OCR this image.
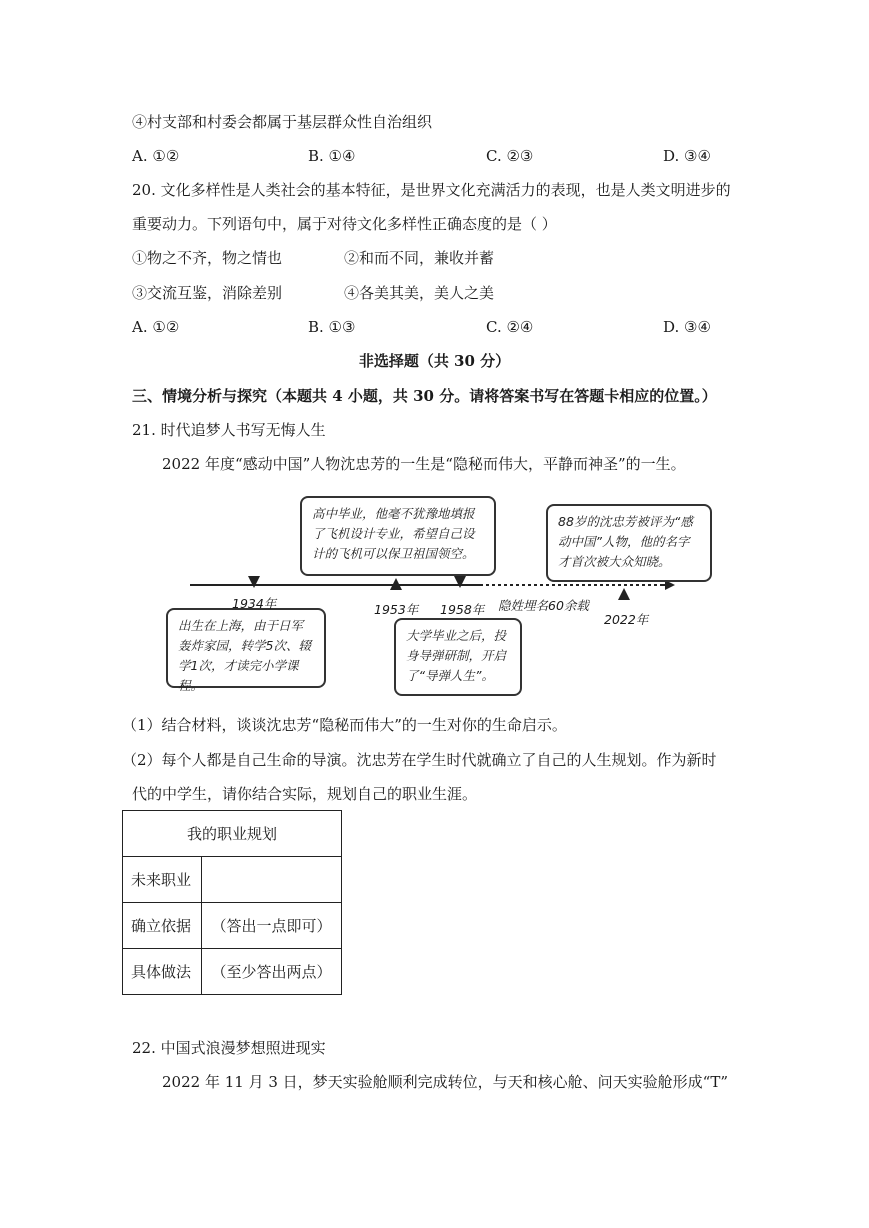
④村支部和村委会都属于基层群众性自治组织
A. ①②	B. ①④	C. ②③	D. ③④
20. 文化多样性是人类社会的基本特征，是世界文化充满活力的表现，也是人类文明进步的
重要动力。下列语句中，属于对待文化多样性正确态度的是（ ）
①物之不齐，物之情也	②和而不同，兼收并蓄
③交流互鉴，消除差别	④各美其美，美人之美
A. ①②	B. ①③	C. ②④	D. ③④
非选择题（共 30 分）
三、情境分析与探究（本题共 4 小题，共 30 分。请将答案书写在答题卡相应的位置。）
21. 时代追梦人书写无悔人生
2022 年度“感动中国”人物沈忠芳的一生是“隐秘而伟大，平静而神圣”的一生。
高中毕业，他毫不犹豫地填报了飞机设计专业，希望自己设计的飞机可以保卫祖国领空。
88岁的沈忠芳被评为“感动中国”人物，他的名字才首次被大众知晓。
出生在上海，由于日军轰炸家园，转学5次、辍学1次，才读完小学课程。
大学毕业之后，投身导弹研制，开启了“导弹人生”。
1934年	1953年 1958年 隐姓埋名60余载
2022年
（1）结合材料，谈谈沈忠芳“隐秘而伟大”的一生对你的生命启示。
（2）每个人都是自己生命的导演。沈忠芳在学生时代就确立了自己的人生规划。作为新时
代的中学生，请你结合实际，规划自己的职业生涯。
我的职业规划	
未来职业	
确立依据	（答出一点即可）
具体做法	（至少答出两点）
22. 中国式浪漫梦想照进现实
2022 年 11 月 3 日，梦天实验舱顺利完成转位，与天和核心舱、问天实验舱形成“T”
